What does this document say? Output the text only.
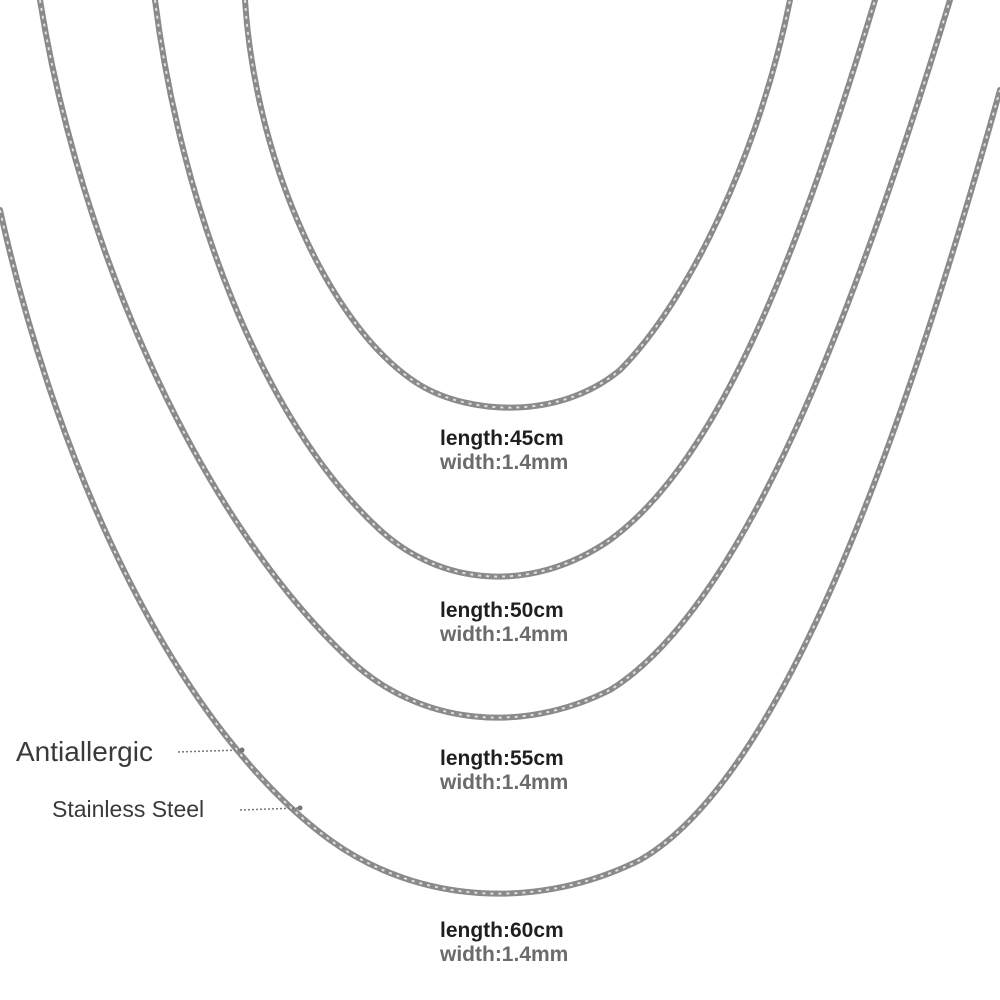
length:45cm
width:1.4mm
length:50cm
width:1.4mm
length:55cm
width:1.4mm
length:60cm
width:1.4mm
Antiallergic
Stainless Steel
